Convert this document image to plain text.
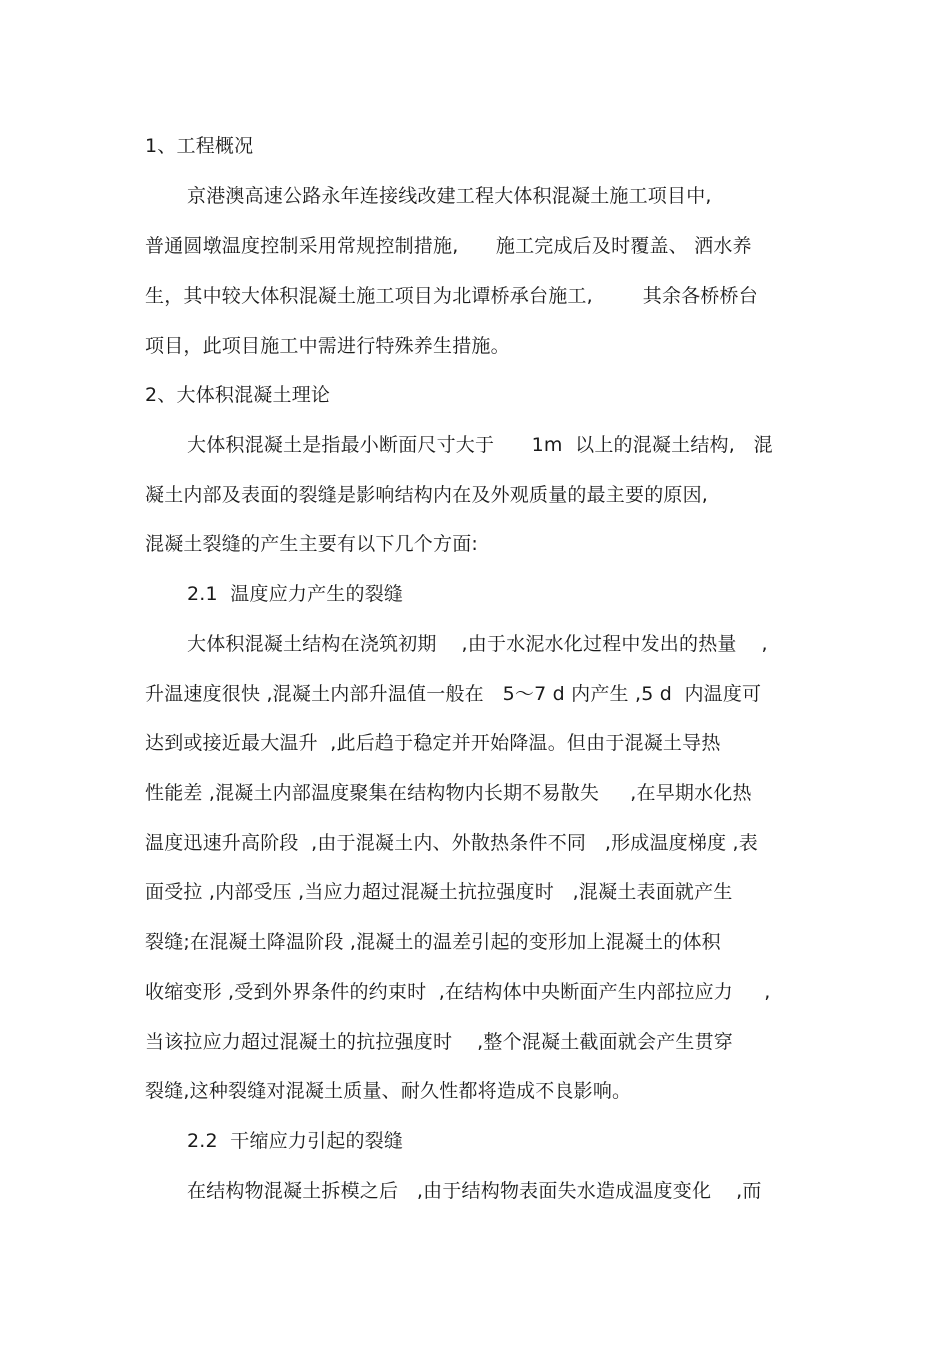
1、工程概况
京港澳高速公路永年连接线改建工程大体积混凝土施工项目中,
普通圆墩温度控制采用常规控制措施,      施工完成后及时覆盖、 洒水养
生，其中较大体积混凝土施工项目为北谭桥承台施工,        其余各桥桥台
项目，此项目施工中需进行特殊养生措施。
2、大体积混凝土理论
大体积混凝土是指最小断面尺寸大于      1m  以上的混凝土结构,   混
凝土内部及表面的裂缝是影响结构内在及外观质量的最主要的原因,
混凝土裂缝的产生主要有以下几个方面:
2.1  温度应力产生的裂缝
大体积混凝土结构在浇筑初期    ,由于水泥水化过程中发出的热量    ,
升温速度很快 ,混凝土内部升温值一般在   5～7 d 内产生 ,5 d  内温度可
达到或接近最大温升  ,此后趋于稳定并开始降温。但由于混凝土导热
性能差 ,混凝土内部温度聚集在结构物内长期不易散失     ,在早期水化热
温度迅速升高阶段  ,由于混凝土内、外散热条件不同   ,形成温度梯度 ,表
面受拉 ,内部受压 ,当应力超过混凝土抗拉强度时   ,混凝土表面就产生
裂缝;在混凝土降温阶段 ,混凝土的温差引起的变形加上混凝土的体积
收缩变形 ,受到外界条件的约束时  ,在结构体中央断面产生内部拉应力     ,
当该拉应力超过混凝土的抗拉强度时    ,整个混凝土截面就会产生贯穿
裂缝,这种裂缝对混凝土质量、耐久性都将造成不良影响。
2.2  干缩应力引起的裂缝
在结构物混凝土拆模之后   ,由于结构物表面失水造成温度变化    ,而
